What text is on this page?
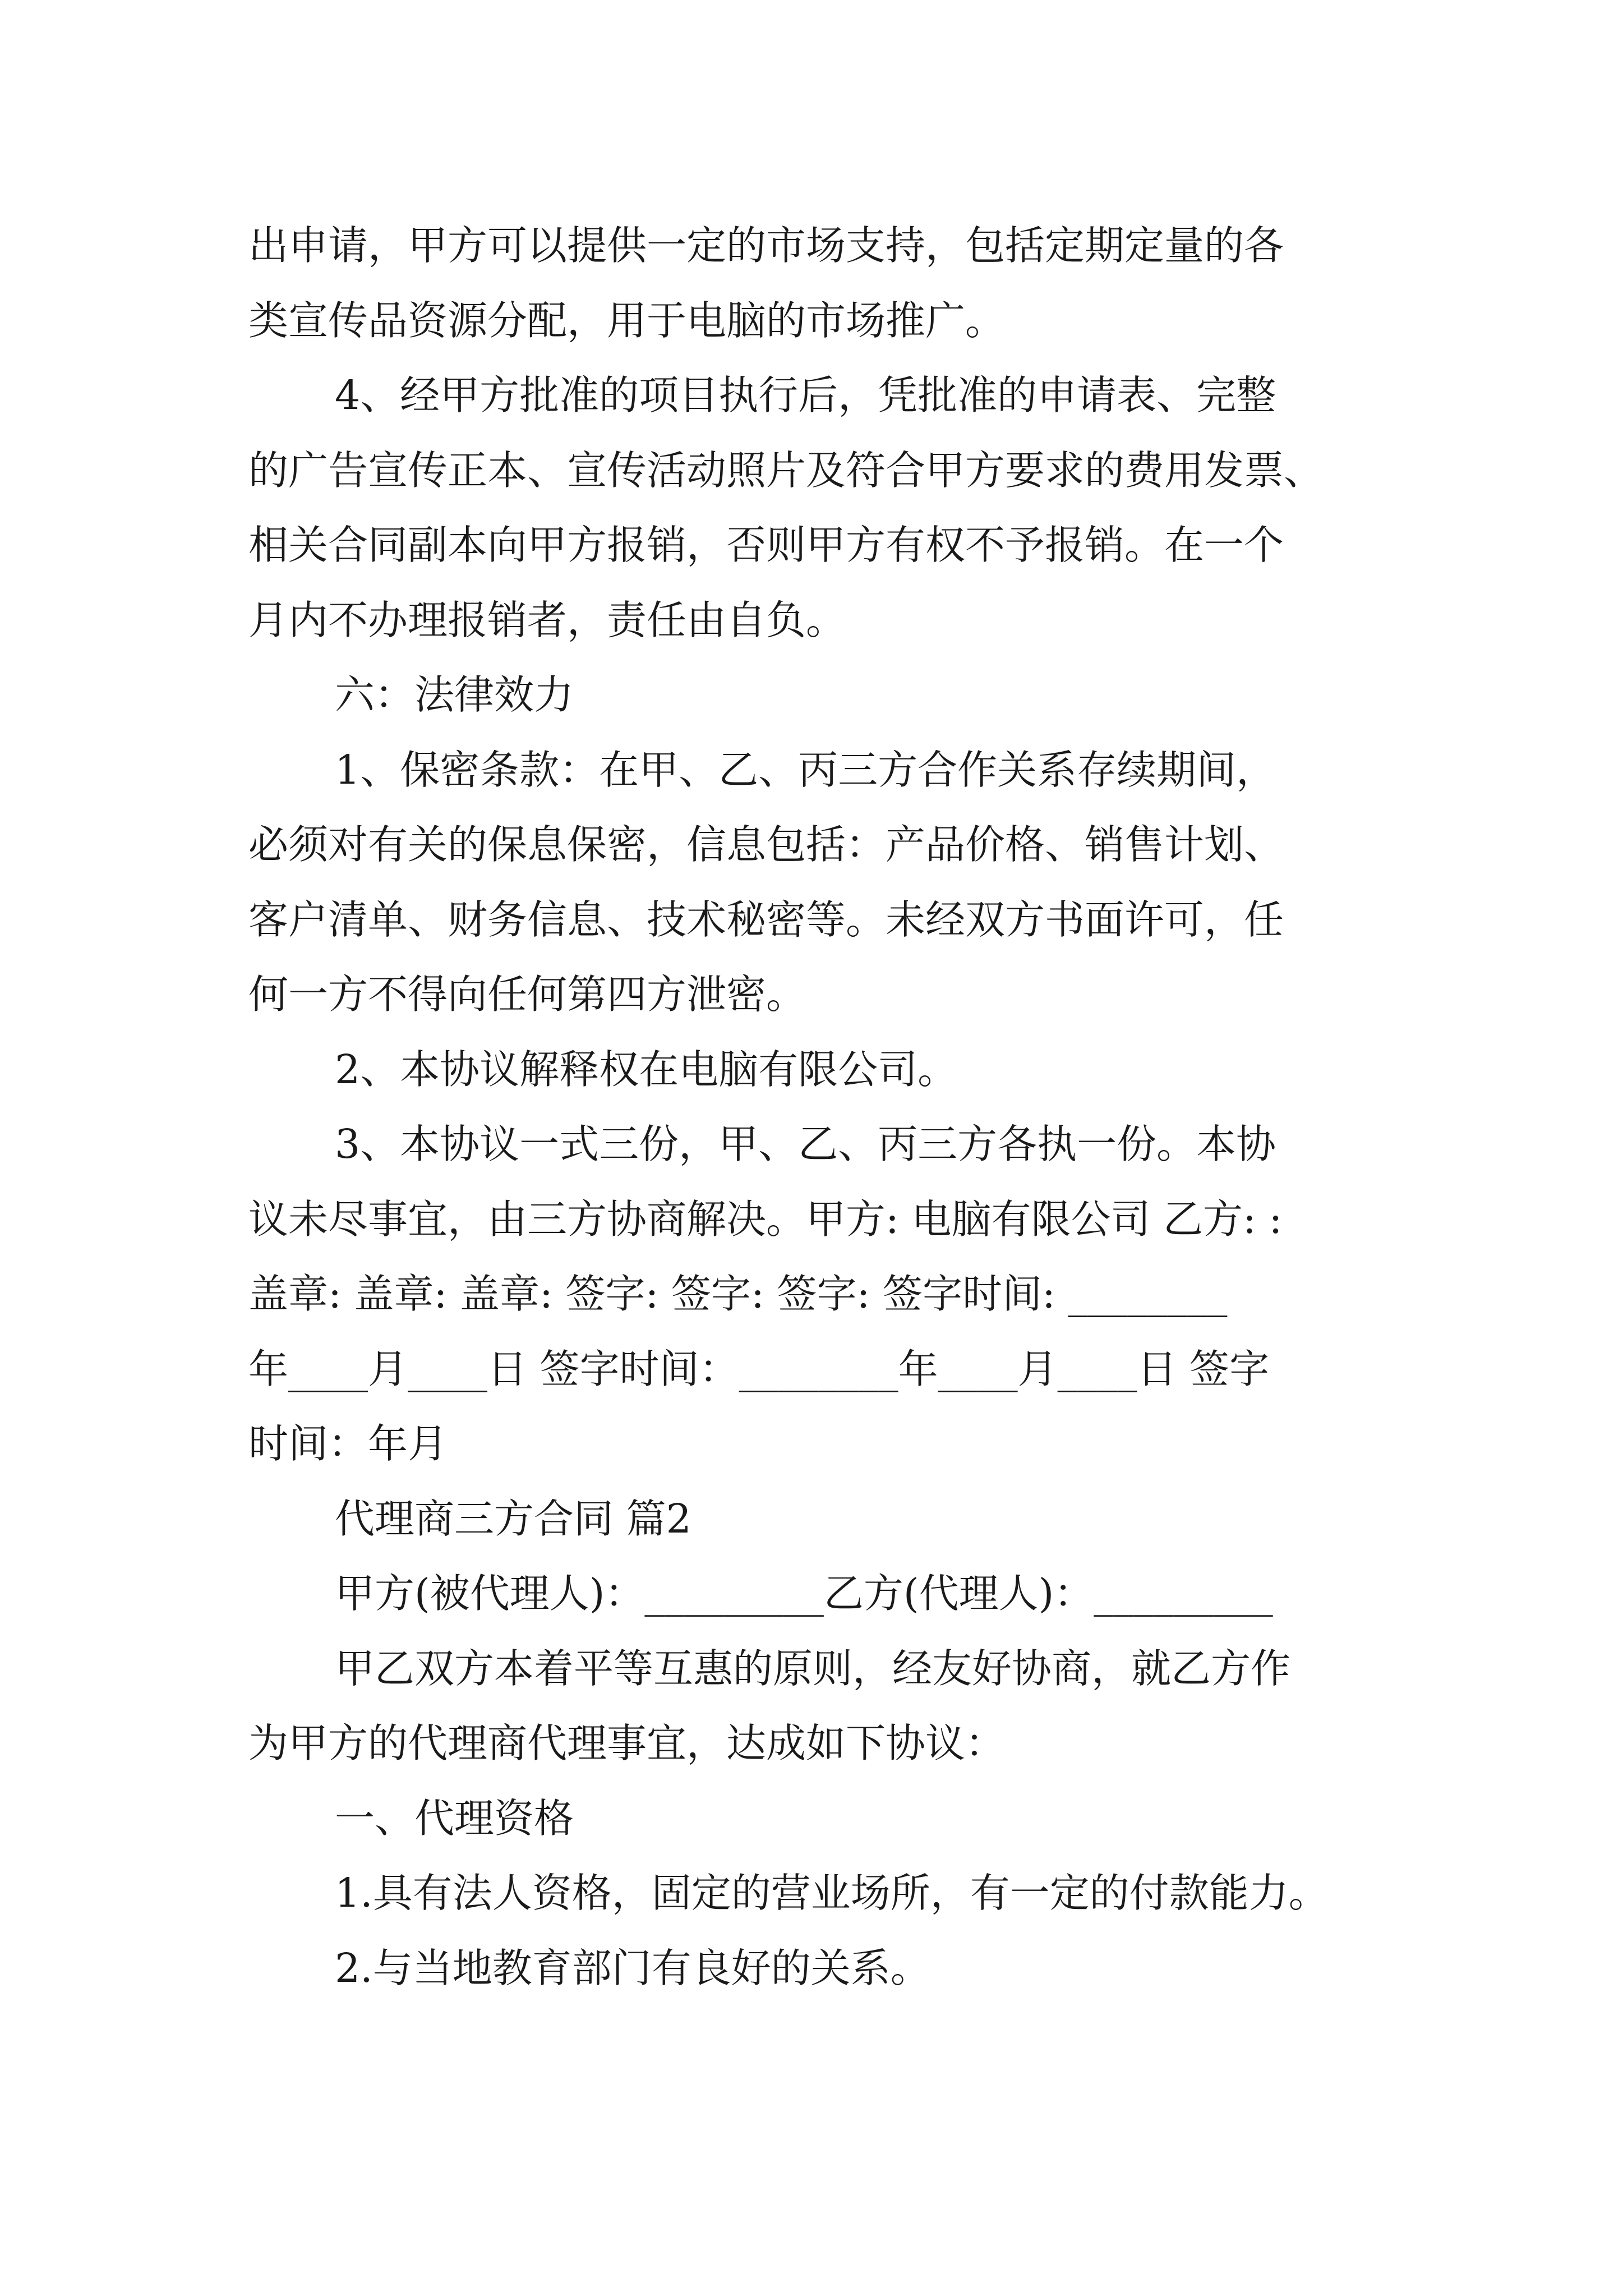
出申请，甲方可以提供一定的市场支持，包括定期定量的各

类宣传品资源分配，用于电脑的市场推广。

4、经甲方批准的项目执行后，凭批准的申请表、完整

的广告宣传正本、宣传活动照片及符合甲方要求的费用发票、

相关合同副本向甲方报销，否则甲方有权不予报销。在一个

月内不办理报销者，责任由自负。

六：法律效力

1、保密条款：在甲、乙、丙三方合作关系存续期间，

必须对有关的保息保密，信息包括：产品价格、销售计划、

客户清单、财务信息、技术秘密等。未经双方书面许可，任

何一方不得向任何第四方泄密。

2、本协议解释权在电脑有限公司。

3、本协议一式三份，甲、乙、丙三方各执一份。本协

议未尽事宜，由三方协商解决。甲方: 电脑有限公司 乙方: :

盖章: 盖章: 盖章: 签字: 签字: 签字: 签字时间: ________

年____月____日 签字时间：________年____月____日 签字

时间：年月

代理商三方合同 篇2

甲方(被代理人)：_________乙方(代理人)：_________

甲乙双方本着平等互惠的原则，经友好协商，就乙方作

为甲方的代理商代理事宜，达成如下协议：

一、代理资格

1.具有法人资格，固定的营业场所，有一定的付款能力。

2.与当地教育部门有良好的关系。
